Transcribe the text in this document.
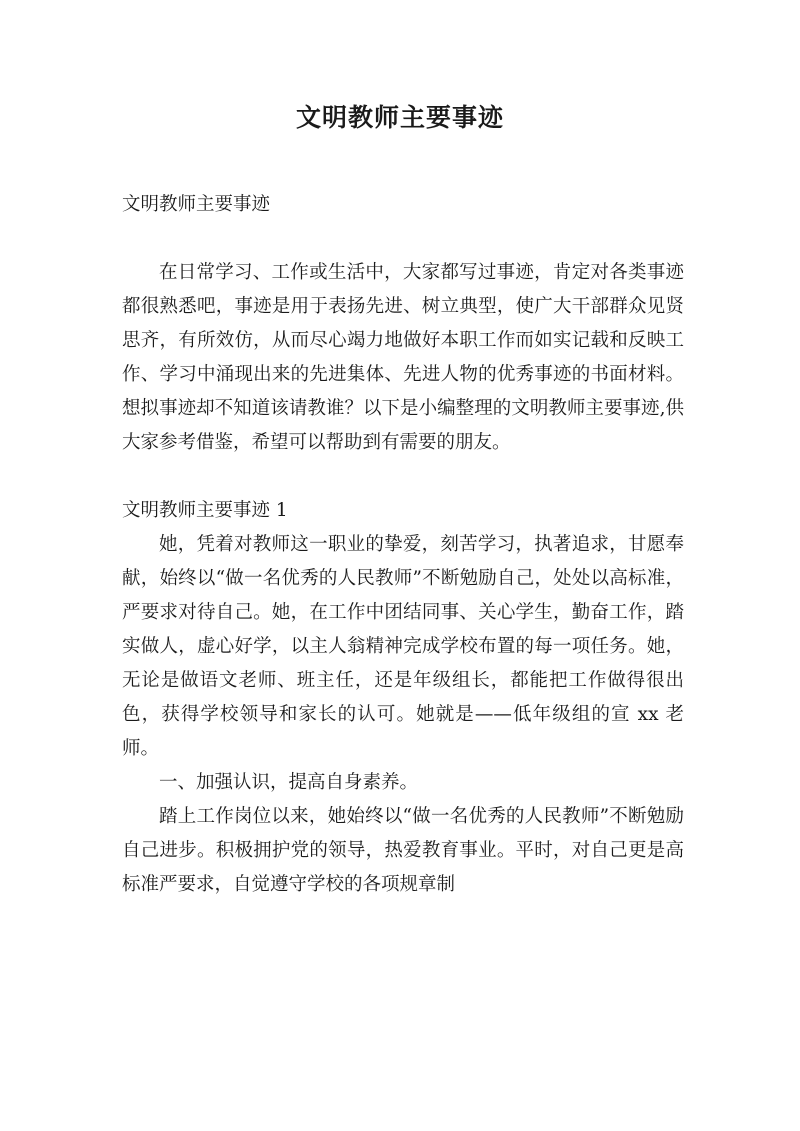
文明教师主要事迹

文明教师主要事迹

在日常学习、工作或生活中，大家都写过事迹，肯定对各类事迹都很熟悉吧，事迹是用于表扬先进、树立典型，使广大干部群众见贤思齐，有所效仿，从而尽心竭力地做好本职工作而如实记载和反映工作、学习中涌现出来的先进集体、先进人物的优秀事迹的书面材料。想拟事迹却不知道该请教谁？以下是小编整理的文明教师主要事迹,供大家参考借鉴，希望可以帮助到有需要的朋友。

文明教师主要事迹 1

她，凭着对教师这一职业的挚爱，刻苦学习，执著追求，甘愿奉献，始终以“做一名优秀的人民教师”不断勉励自己，处处以高标准，严要求对待自己。她，在工作中团结同事、关心学生，勤奋工作，踏实做人，虚心好学，以主人翁精神完成学校布置的每一项任务。她，无论是做语文老师、班主任，还是年级组长，都能把工作做得很出色，获得学校领导和家长的认可。她就是——低年级组的宣 xx 老师。

一、加强认识，提高自身素养。

踏上工作岗位以来，她始终以“做一名优秀的人民教师”不断勉励自己进步。积极拥护党的领导，热爱教育事业。平时，对自己更是高标准严要求，自觉遵守学校的各项规章制
